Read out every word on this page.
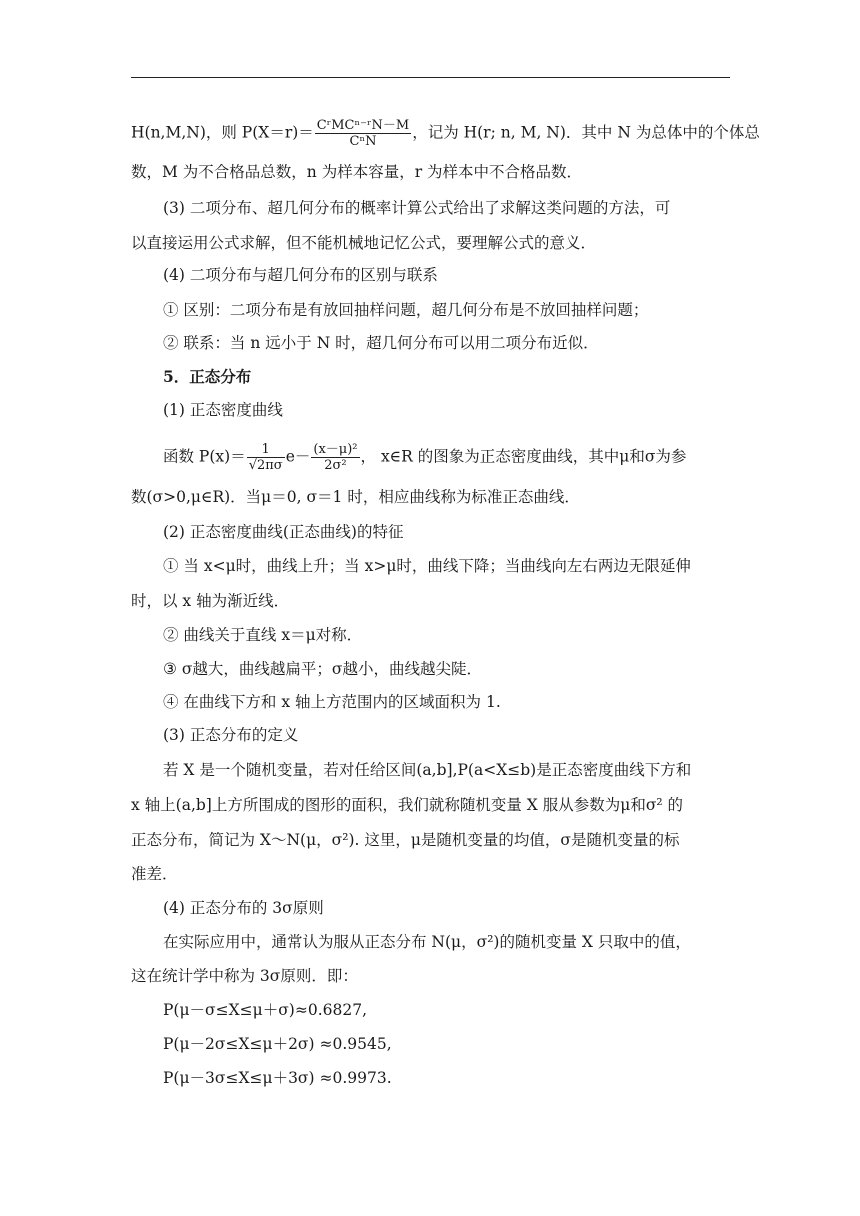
H(n,M,N)，则 $P(X=r)= \frac{\text{CʳMCⁿ⁻ʳN－M}}{\text{CⁿN}}$ ，记为 H(r; n, M, N)．其中 N 为总体中的个体总
数，M 为不合格品总数，n 为样本容量，r 为样本中不合格品数．
(3) 二项分布、超几何分布的概率计算公式给出了求解这类问题的方法，可
以直接运用公式求解，但不能机械地记忆公式，要理解公式的意义．
(4) 二项分布与超几何分布的区别与联系
① 区别：二项分布是有放回抽样问题，超几何分布是不放回抽样问题；
② 联系：当 n 远小于 N 时，超几何分布可以用二项分布近似．
5．正态分布
(1) 正态密度曲线
函数 $P(x)= \frac{1}{√2\pi\sigma} e- \frac{\text{(x－μ)²}}{\text{2σ²}}$ ， x∈R 的图象为正态密度曲线，其中μ和σ为参
数(σ>0,μ∈R)．当μ＝0, σ＝1 时，相应曲线称为标准正态曲线．
(2) 正态密度曲线(正态曲线)的特征
① 当 x<μ时，曲线上升；当 x>μ时，曲线下降；当曲线向左右两边无限延伸
时，以 x 轴为渐近线．
② 曲线关于直线 x＝μ对称．
③ σ越大，曲线越扁平；σ越小，曲线越尖陡．
④ 在曲线下方和 x 轴上方范围内的区域面积为 1.
(3) 正态分布的定义
若 X 是一个随机变量，若对任给区间(a,b],P(a<X≤b)是正态密度曲线下方和
x 轴上(a,b]上方所围成的图形的面积，我们就称随机变量 X 服从参数为μ和σ² 的
正态分布，简记为 X～N(μ，σ²). 这里，μ是随机变量的均值，σ是随机变量的标
准差．
(4) 正态分布的 3σ原则
在实际应用中，通常认为服从正态分布 N(μ，σ²)的随机变量 X 只取中的值，
这在统计学中称为 3σ原则．即：
P(μ－σ≤X≤μ＋σ)≈0.6827,
P(μ－2σ≤X≤μ＋2σ) ≈0.9545,
P(μ－3σ≤X≤μ＋3σ) ≈0.9973.
